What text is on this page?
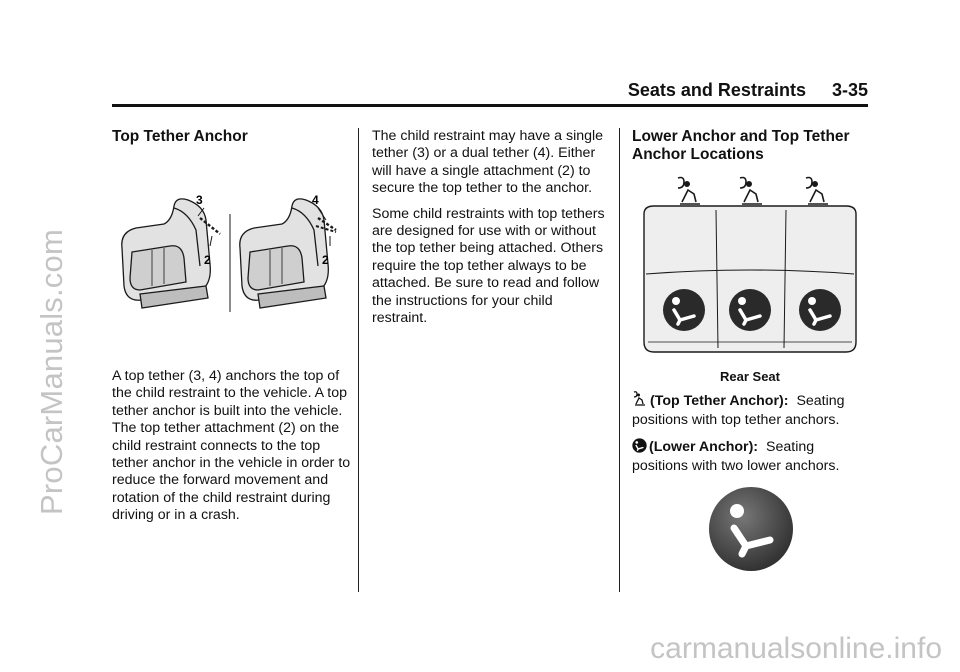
ProCarManuals.com
carmanualsonline.info
Seats and Restraints 3-35
Top Tether Anchor
3
2
4
2
A top tether (3, 4) anchors the top of the child restraint to the vehicle. A top tether anchor is built into the vehicle. The top tether attachment (2) on the child restraint connects to the top tether anchor in the vehicle in order to reduce the forward movement and rotation of the child restraint during driving or in a crash.

The child restraint may have a single tether (3) or a dual tether (4). Either will have a single attachment (2) to secure the top tether to the anchor.

Some child restraints with top tethers are designed for use with or without the top tether being attached. Others require the top tether always to be attached. Be sure to read and follow the instructions for your child restraint.

Lower Anchor and Top Tether Anchor Locations
Rear Seat

(Top Tether Anchor): Seating positions with top tether anchors.

(Lower Anchor): Seating positions with two lower anchors.
